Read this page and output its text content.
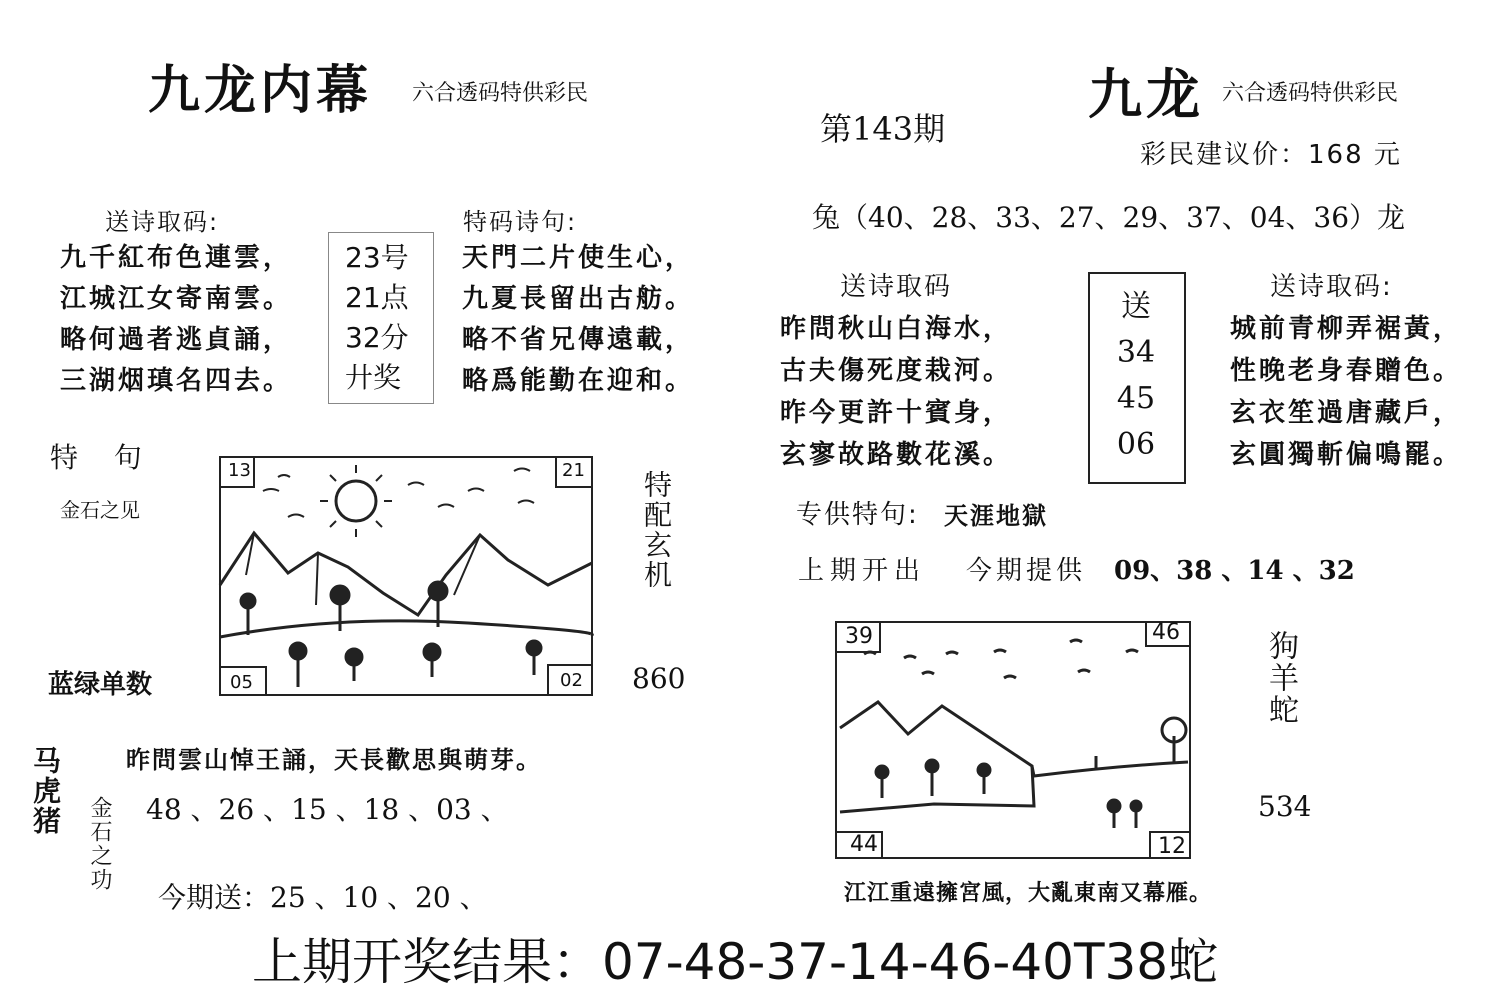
九龙内幕 六合透码特供彩民
送诗取码:
九千紅布色連雲，
江城江女寄南雲。
略何過者逃貞誦，
三湖烟瑱名四去。
23号
21点
32分
廾奖
特码诗句:
天門二片使生心，
九夏長留出古舫。
略不省兄傳遠載，
略爲能勤在迎和。
特  句
金石之见
13	21
05	02
特配玄机
蓝绿单数	860
马虎猪
金石之功
昨問雲山悼王誦，天長歡思與萌芽。
48 、26 、15 、18 、03 、
今期送：25 、10 、20 、
第143期
九龙 六合透码特供彩民
彩民建议价：168 元
兔（40、28、33、27、29、37、04、36）龙
送诗取码
昨問秋山白海水，
古夫傷死度栽河。
昨今更許十賓身，
玄寥故路數花溪。
送
34
45
06
送诗取码:
城前青柳弄裾黃，
性晚老身春贈色。
玄衣笙過唐藏戶，
玄圓獨斬偏鳴罷。
专供特句: 天涯地獄
上期开出 今期提供 09、38 、14 、32
39	46
44	12
狗羊蛇
534
江江重遠擁宮風，大亂東南又幕雁。
上期开奖结果：07-48-37-14-46-40T38蛇
